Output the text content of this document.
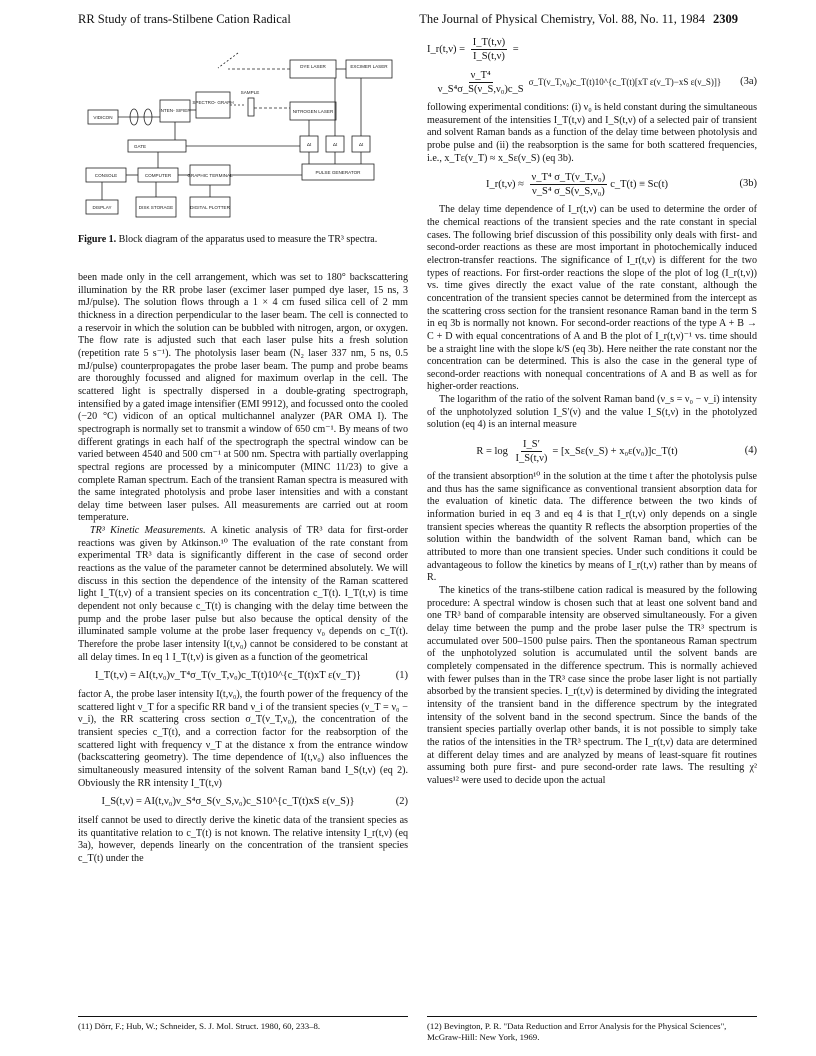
RR Study of trans-Stilbene Cation Radical	The Journal of Physical Chemistry, Vol. 88, No. 11, 1984 2309
DYE LASER	EXCIMER LASER
SPECTRO- GRAPH
SAMPLE
INTEN- SIFIER
VIDICON
NITROGEN LASER
GATE	Δt	Δt	Δt
CONSOLE	COMPUTER	GRAPHIC TERMINAL
PULSE GENERATOR
DISPLAY	DISK STORAGE	DIGITAL PLOTTER
Figure 1. Block diagram of the apparatus used to measure the TR³ spectra.

been made only in the cell arrangement, which was set to 180° backscattering illumination by the RR probe laser (excimer laser pumped dye laser, 15 ns, 3 mJ/pulse). The solution flows through a 1 × 4 cm fused silica cell of 2 mm thickness in a direction perpendicular to the laser beam. The cell is connected to a reservoir in which the solution can be bubbled with nitrogen, argon, or oxygen. The flow rate is adjusted such that each laser pulse hits a fresh solution (repetition rate 5 s⁻¹). The photolysis laser beam (N₂ laser 337 nm, 5 ns, 0.5 mJ/pulse) counterpropagates the probe laser beam. The pump and probe beams are thoroughly focussed and aligned for maximum overlap in the cell. The scattered light is spectrally dispersed in a double-grating spectrograph, intensified by a gated image intensifier (EMI 9912), and focussed onto the cooled (−20 °C) vidicon of an optical multichannel analyzer (PAR OMA I). The spectrograph is normally set to transmit a window of 650 cm⁻¹. By means of two different gratings in each half of the spectrograph the spectral window can be varied between 4540 and 500 cm⁻¹ at 500 nm. Spectra with partially overlapping spectral regions are processed by a minicomputer (MINC 11/23) to give a complete Raman spectrum. Each of the transient Raman spectra is measured with the same integrated photolysis and probe laser intensities and with a constant delay time between laser pulses. All measurements are carried out at room temperature.

TR³ Kinetic Measurements. A kinetic analysis of TR³ data for first-order reactions was given by Atkinson.¹⁰ The evaluation of the rate constant from experimental TR³ data is significantly different in the case of second order reactions as the value of the parameter cannot be determined absolutely. We will discuss in this section the dependence of the intensity of the Raman scattered light I_T(t,ν) of a transient species on its concentration c_T(t). I_T(t,ν) is time dependent not only because c_T(t) is changing with the delay time between the pump and the probe laser pulse but also because the optical density of the illuminated sample volume at the probe laser frequency ν₀ depends on c_T(t). Therefore the probe laser intensity I(t,ν₀) cannot be considered to be constant at all delay times. In eq 1 I_T(t,ν) is given as a function of the geometrical

I_T(t,ν) = AI(t,ν₀)ν_T⁴σ_T(ν_T,ν₀)c_T(t)10^{c_T(t)xT ε(ν_T)}	(1)

factor A, the probe laser intensity I(t,ν₀), the fourth power of the frequency of the scattered light ν_T for a specific RR band ν_i of the transient species (ν_T = ν₀ − ν_i), the RR scattering cross section σ_T(ν_T,ν₀), the concentration of the transient species c_T(t), and a correction factor for the reabsorption of the scattered light with frequency ν_T at the distance x from the entrance window (backscattering geometry). The time dependence of I(t,ν₀) also influences the simultaneously measured intensity of the solvent Raman band I_S(t,ν) (eq 2). Obviously the RR intensity I_T(t,ν)

I_S(t,ν) = AI(t,ν₀)ν_S⁴σ_S(ν_S,ν₀)c_S10^{c_T(t)xS ε(ν_S)}	(2)

itself cannot be used to directly derive the kinetic data of the transient species as its quantitative relation to c_T(t) is not known. The relative intensity I_r(t,ν) (eq 3a), however, depends linearly on the concentration of the transient species c_T(t) under the

I_r(t,ν) = $\frac{I\_T(t,\nu)}{I\_S(t,\nu)}$ =
$\frac{\text{ν\_T⁴}}{\text{ν\_S⁴σ\_S(ν\_S,ν₀)c\_S}}$ σ_T(ν_T,ν₀)c_T(t)10^{c_T(t)[xT ε(ν_T)−xS ε(ν_S)]}	(3a)

following experimental conditions: (i) ν₀ is held constant during the simultaneous measurement of the intensities I_T(t,ν) and I_S(t,ν) of a selected pair of transient and solvent Raman bands as a function of the delay time between photolysis and probe pulse and (ii) the reabsorption is the same for both scattered frequencies, i.e., x_Tε(ν_T) ≈ x_Sε(ν_S) (eq 3b).

I_r(t,ν) ≈ $\frac{\text{ν\_T⁴ σ\_T(ν\_T,ν₀)}}{\text{ν\_S⁴ σ\_S(ν\_S,ν₀)}}$ c_T(t) ≡ Sc(t)	(3b)

The delay time dependence of I_r(t,ν) can be used to determine the order of the chemical reactions of the transient species and the rate constant in special cases. The following brief discussion of this possibility only deals with first- and second-order reactions as these are most important in photochemically induced electron-transfer reactions. The significance of I_r(t,ν) is different for the two types of reactions. For first-order reactions the slope of the plot of log (I_r(t,ν)) vs. time gives directly the exact value of the rate constant, although the concentration of the transient species cannot be determined from the intercept as the scattering cross section for the transient resonance Raman band in the term S in eq 3b is normally not known. For second-order reactions of the type A + B → C + D with equal concentrations of A and B the plot of I_r(t,ν)⁻¹ vs. time should be a straight line with the slope k/S (eq 3b). Here neither the rate constant nor the concentration can be determined. This is also the case in the general type of second-order reactions with nonequal concentrations of A and B as well as for higher-order reactions.

The logarithm of the ratio of the solvent Raman band (ν_s = ν₀ − ν_i) intensity of the unphotolyzed solution I_S′(ν) and the value I_S(t,ν) in the photolyzed solution (eq 4) is an internal measure

$R = \log \frac{I\_S'}{I\_S(t,\nu)}$ = [x_Sε(ν_S) + x₀ε(ν₀)]c_T(t)	(4)

of the transient absorption¹⁰ in the solution at the time t after the photolysis pulse and thus has the same significance as conventional transient absorption data for the evaluation of kinetic data. The difference between the two kinds of information buried in eq 3 and eq 4 is that I_r(t,ν) only depends on a single transient species whereas the quantity R reflects the absorption properties of the solution within the bandwidth of the solvent Raman band, which can be attributed to more than one transient species. Under such conditions it could be advantageous to follow the kinetics by means of I_r(t,ν) rather than by means of R.

The kinetics of the trans-stilbene cation radical is measured by the following procedure: A spectral window is chosen such that at least one solvent band and one TR³ band of comparable intensity are observed simultaneously. For a given delay time between the pump and the probe laser pulse the TR³ spectrum is accumulated over 500–1500 pulse pairs. Then the spontaneous Raman spectrum of the unphotolyzed solution is accumulated until the solvent bands are completely compensated in the difference spectrum. This is normally achieved with fewer pulses than in the TR³ case since the probe laser light is not partially absorbed by the transient species. I_r(t,ν) is determined by dividing the integrated intensity of the transient band in the difference spectrum by the integrated intensity of the solvent band in the second spectrum. Since the bands of the transient species partially overlap other bands, it is not possible to simply take the ratios of the intensities in the TR³ spectrum. The I_r(t,ν) data are determined at different delay times and are analyzed by means of least-square fit routines assuming both pure first- and pure second-order rate laws. The resulting χ² values¹² were used to decide upon the actual

(11) Dörr, F.; Hub, W.; Schneider, S. J. Mol. Struct. 1980, 60, 233–8.	(12) Bevington, P. R. "Data Reduction and Error Analysis for the Physical Sciences", McGraw-Hill: New York, 1969.
